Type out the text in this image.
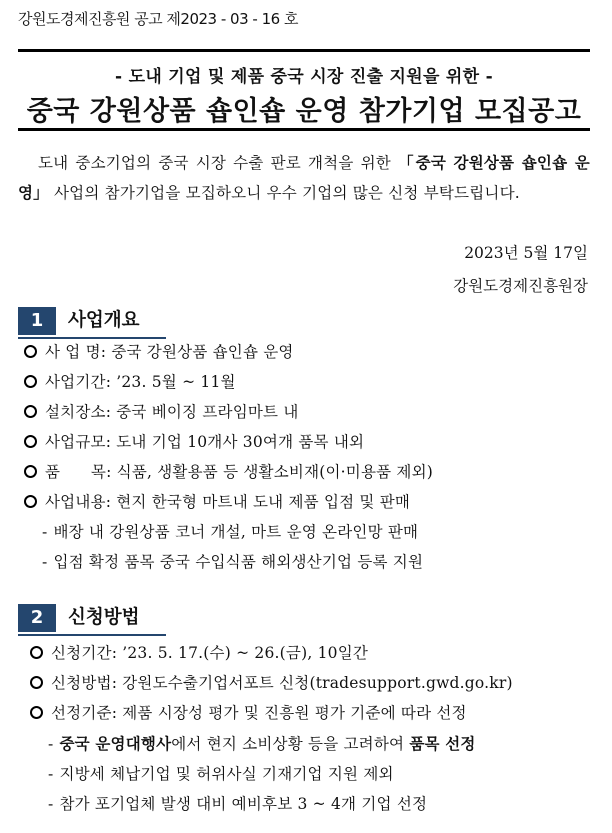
강원도경제진흥원 공고 제2023 - 03 - 16 호
- 도내 기업 및 제품 중국 시장 진출 지원을 위한 -
중국 강원상품 숍인숍 운영 참가기업 모집공고
도내 중소기업의 중국 시장 수출 판로 개척을 위한 「중국 강원상품 숍인숍 운영」 사업의 참가기업을 모집하오니 우수 기업의 많은 신청 부탁드립니다.
2023년 5월 17일
강원도경제진흥원장
1	사업개요
사 업 명: 중국 강원상품 숍인숍 운영
사업기간: ’23. 5월 ~ 11월
설치장소: 중국 베이징 프라임마트 내
사업규모: 도내 기업 10개사 30여개 품목 내외
품      목: 식품, 생활용품 등 생활소비재(이·미용품 제외)
사업내용: 현지 한국형 마트내 도내 제품 입점 및 판매
- 배장 내 강원상품 코너 개설, 마트 운영 온라인망 판매
- 입점 확정 품목 중국 수입식품 해외생산기업 등록 지원
2	신청방법
신청기간: ’23. 5. 17.(수) ~ 26.(금), 10일간
신청방법: 강원도수출기업서포트 신청(tradesupport.gwd.go.kr)
선정기준: 제품 시장성 평가 및 진흥원 평가 기준에 따라 선정
- 중국 운영대행사에서 현지 소비상황 등을 고려하여 품목 선정
- 지방세 체납기업 및 허위사실 기재기업 지원 제외
- 참가 포기업체 발생 대비 예비후보 3 ~ 4개 기업 선정
